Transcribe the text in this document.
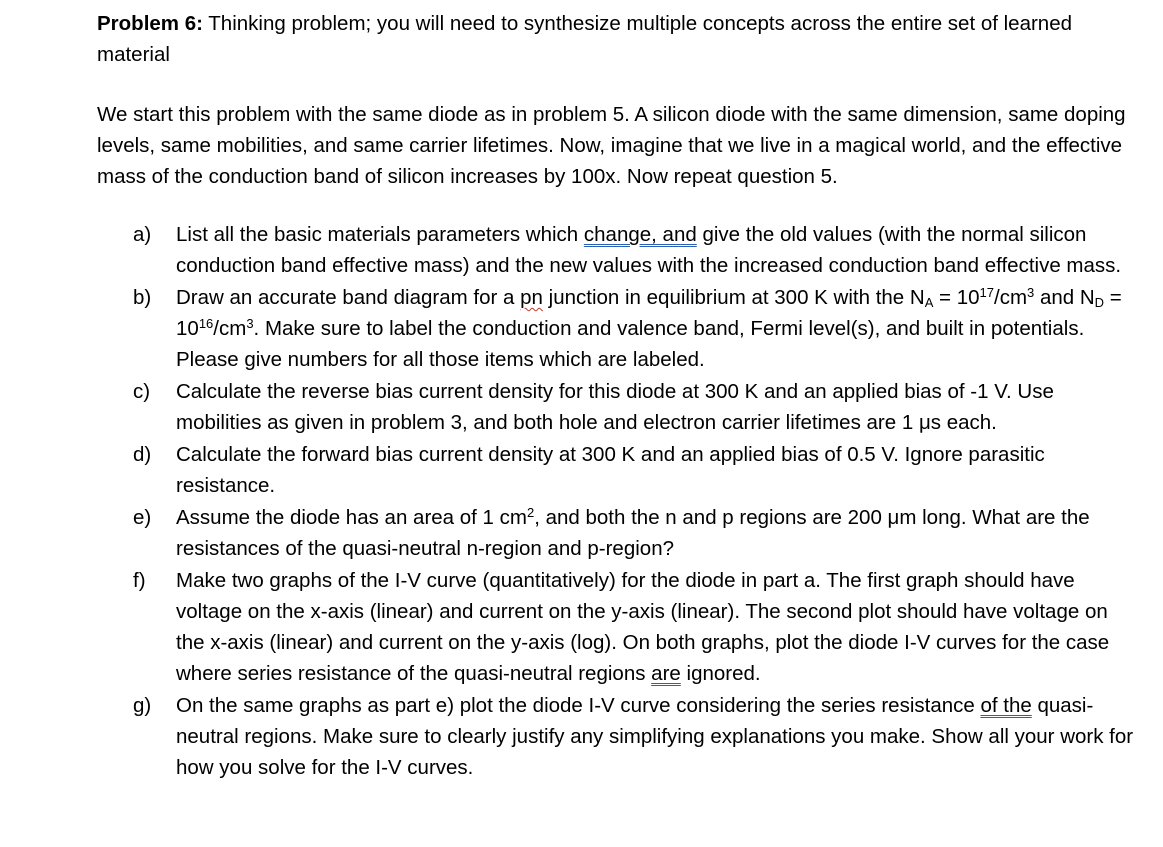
Problem 6: Thinking problem; you will need to synthesize multiple concepts across the entire set of learned material

We start this problem with the same diode as in problem 5. A silicon diode with the same dimension, same doping levels, same mobilities, and same carrier lifetimes. Now, imagine that we live in a magical world, and the effective mass of the conduction band of silicon increases by 100x. Now repeat question 5.

a) List all the basic materials parameters which change, and give the old values (with the normal silicon conduction band effective mass) and the new values with the increased conduction band effective mass.
b) Draw an accurate band diagram for a pn junction in equilibrium at 300 K with the $N_A = 10^{17}/cm^3$ and $N_D = 10^{16}/cm^3$. Make sure to label the conduction and valence band, Fermi level(s), and built in potentials. Please give numbers for all those items which are labeled.
c) Calculate the reverse bias current density for this diode at 300 K and an applied bias of -1 V. Use mobilities as given in problem 3, and both hole and electron carrier lifetimes are 1 μs each.
d) Calculate the forward bias current density at 300 K and an applied bias of 0.5 V. Ignore parasitic resistance.
e) Assume the diode has an area of 1 $cm^2$, and both the n and p regions are 200 μm long. What are the resistances of the quasi-neutral n-region and p-region?
f) Make two graphs of the I-V curve (quantitatively) for the diode in part a. The first graph should have voltage on the x-axis (linear) and current on the y-axis (linear). The second plot should have voltage on the x-axis (linear) and current on the y-axis (log). On both graphs, plot the diode I-V curves for the case where series resistance of the quasi-neutral regions are ignored.
g) On the same graphs as part e) plot the diode I-V curve considering the series resistance of the quasi-neutral regions. Make sure to clearly justify any simplifying explanations you make. Show all your work for how you solve for the I-V curves.
